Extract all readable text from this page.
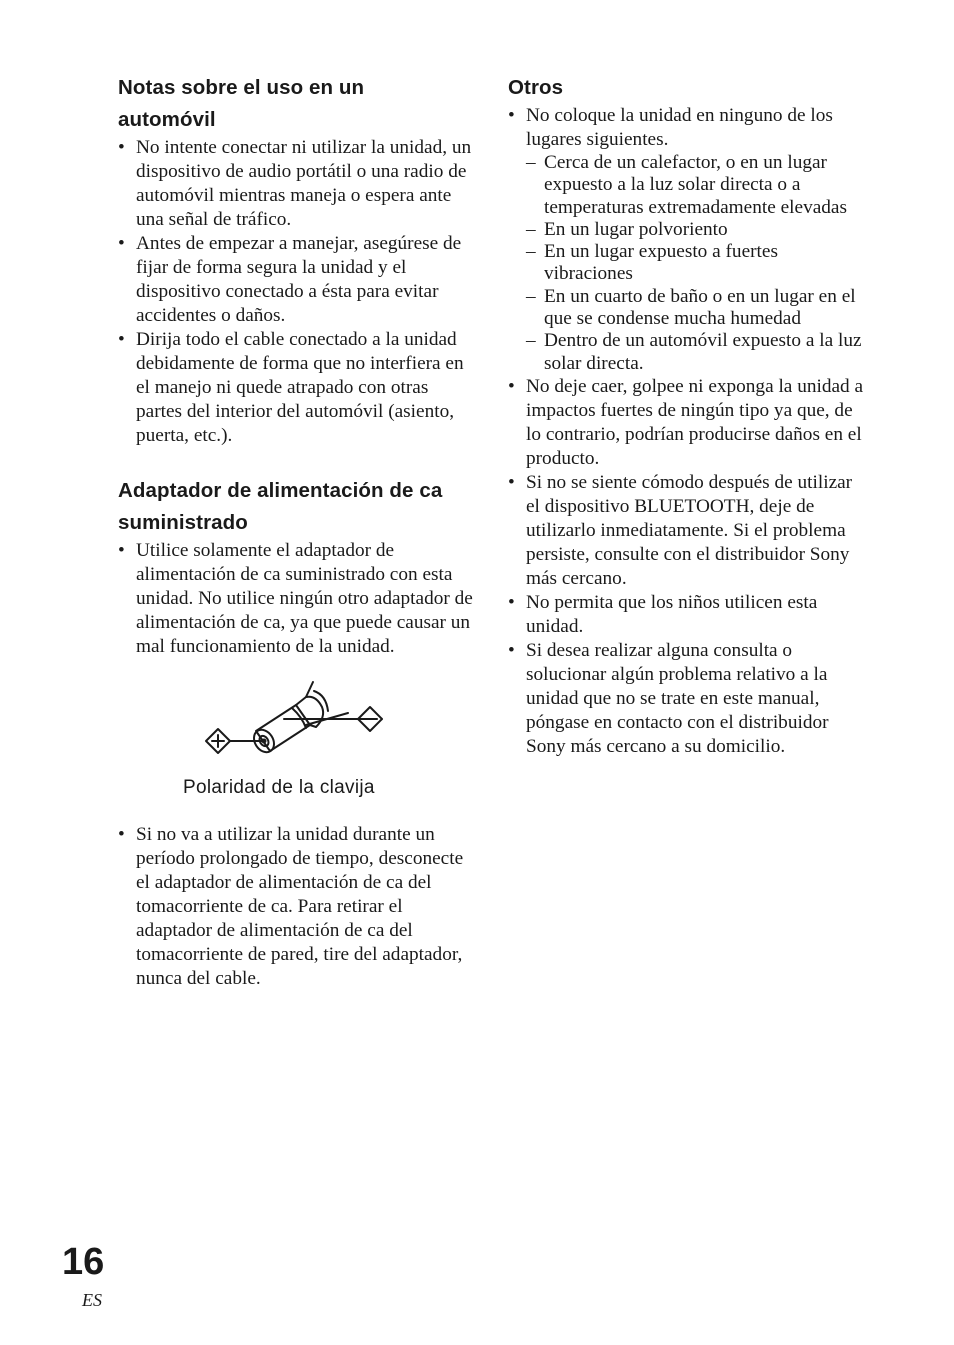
Notas sobre el uso en un
automóvil
• No intente conectar ni utilizar la unidad, un dispositivo de audio portátil o una radio de automóvil mientras maneja o espera ante una señal de tráfico.
• Antes de empezar a manejar, asegúrese de fijar de forma segura la unidad y el dispositivo conectado a ésta para evitar accidentes o daños.
• Dirija todo el cable conectado a la unidad debidamente de forma que no interfiera en el manejo ni quede atrapado con otras partes del interior del automóvil (asiento, puerta, etc.).
Adaptador de alimentación de ca
suministrado
• Utilice solamente el adaptador de alimentación de ca suministrado con esta unidad. No utilice ningún otro adaptador de alimentación de ca, ya que puede causar un mal funcionamiento de la unidad.
Polaridad de la clavija
• Si no va a utilizar la unidad durante un período prolongado de tiempo, desconecte el adaptador de alimentación de ca del tomacorriente de ca. Para retirar el adaptador de alimentación de ca del tomacorriente de pared, tire del adaptador, nunca del cable.
Otros
• No coloque la unidad en ninguno de los lugares siguientes.
– Cerca de un calefactor, o en un lugar expuesto a la luz solar directa o a temperaturas extremadamente elevadas
– En un lugar polvoriento
– En un lugar expuesto a fuertes vibraciones
– En un cuarto de baño o en un lugar en el que se condense mucha humedad
– Dentro de un automóvil expuesto a la luz solar directa.
• No deje caer, golpee ni exponga la unidad a impactos fuertes de ningún tipo ya que, de lo contrario, podrían producirse daños en el producto.
• Si no se siente cómodo después de utilizar el dispositivo BLUETOOTH, deje de utilizarlo inmediatamente. Si el problema persiste, consulte con el distribuidor Sony más cercano.
• No permita que los niños utilicen esta unidad.
• Si desea realizar alguna consulta o solucionar algún problema relativo a la unidad que no se trate en este manual, póngase en contacto con el distribuidor Sony más cercano a su domicilio.
16
ES
